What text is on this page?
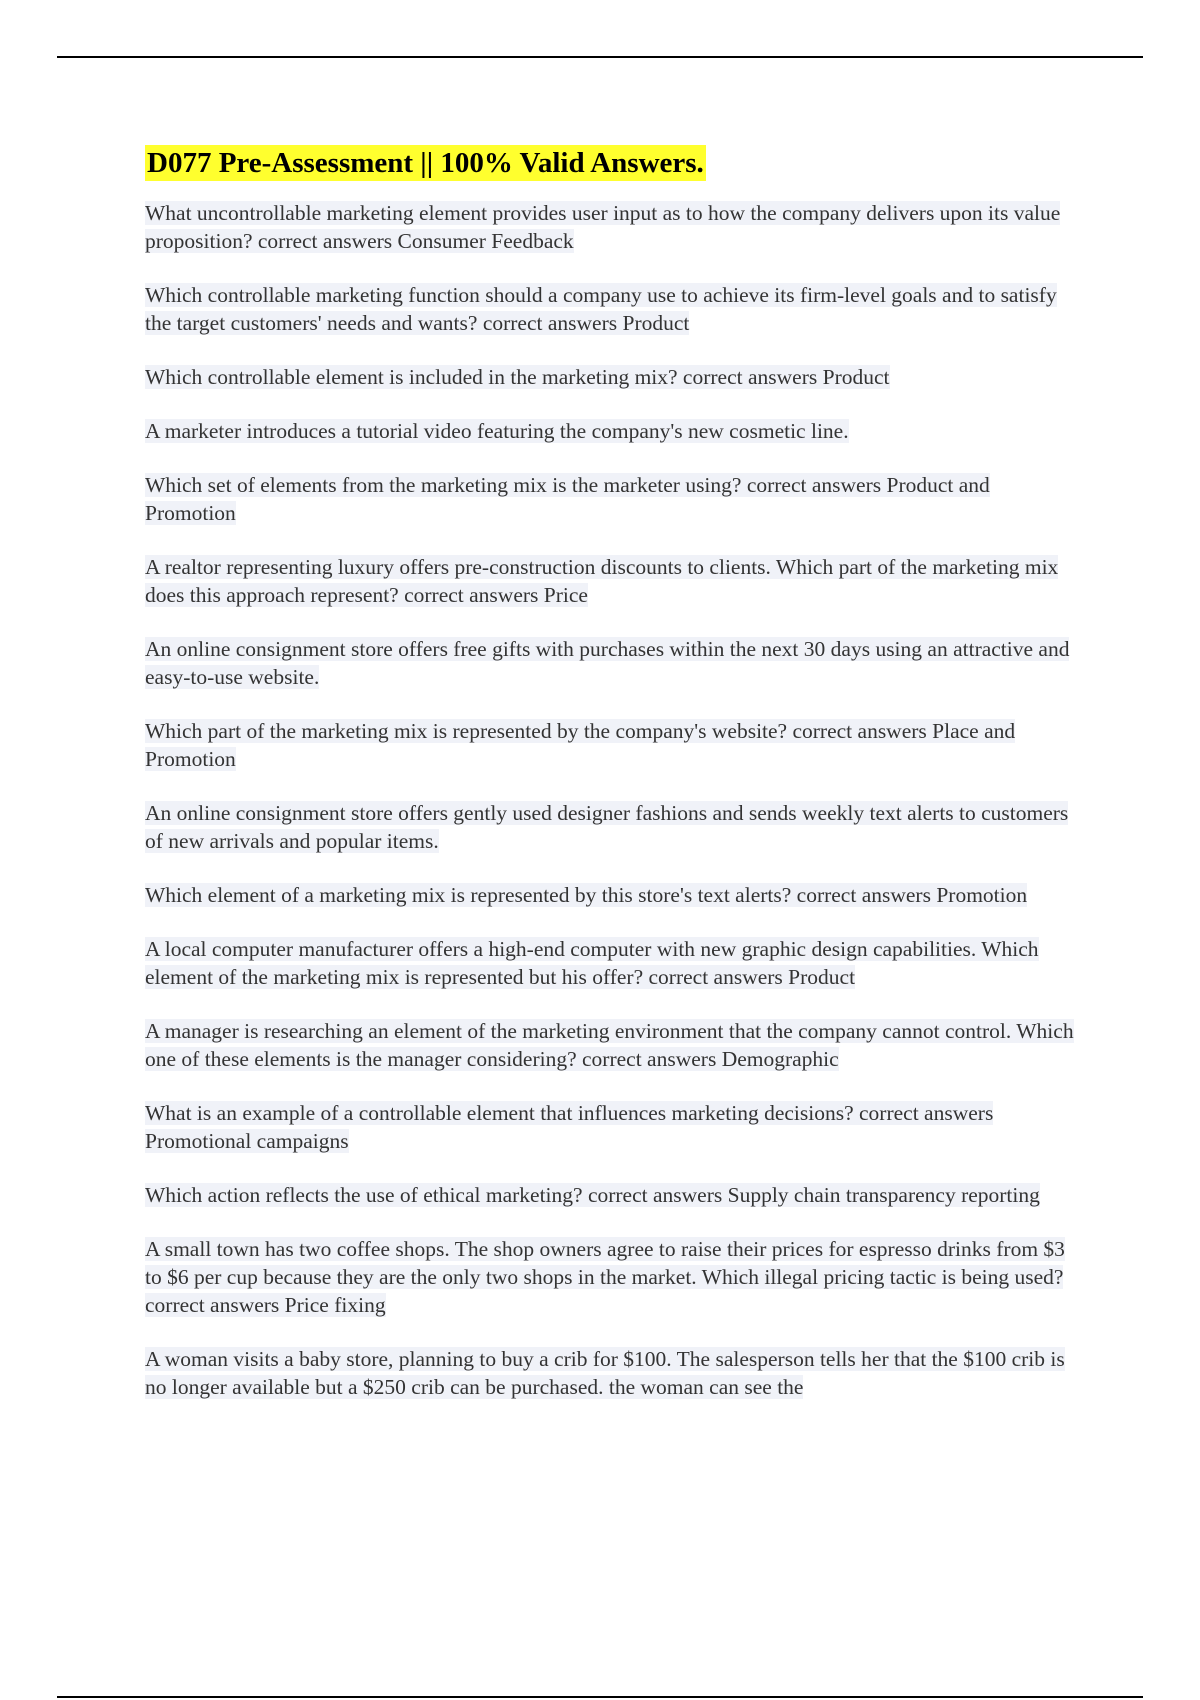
D077 Pre-Assessment || 100% Valid Answers.

What uncontrollable marketing element provides user input as to how the company delivers upon its value proposition? correct answers Consumer Feedback

Which controllable marketing function should a company use to achieve its firm-level goals and to satisfy the target customers' needs and wants? correct answers Product

Which controllable element is included in the marketing mix? correct answers Product

A marketer introduces a tutorial video featuring the company's new cosmetic line.

Which set of elements from the marketing mix is the marketer using? correct answers Product and Promotion

A realtor representing luxury offers pre-construction discounts to clients. Which part of the marketing mix does this approach represent? correct answers Price

An online consignment store offers free gifts with purchases within the next 30 days using an attractive and easy-to-use website.

Which part of the marketing mix is represented by the company's website? correct answers Place and Promotion

An online consignment store offers gently used designer fashions and sends weekly text alerts to customers of new arrivals and popular items.

Which element of a marketing mix is represented by this store's text alerts? correct answers Promotion

A local computer manufacturer offers a high-end computer with new graphic design capabilities. Which element of the marketing mix is represented but his offer? correct answers Product

A manager is researching an element of the marketing environment that the company cannot control. Which one of these elements is the manager considering? correct answers Demographic

What is an example of a controllable element that influences marketing decisions? correct answers Promotional campaigns

Which action reflects the use of ethical marketing? correct answers Supply chain transparency reporting

A small town has two coffee shops. The shop owners agree to raise their prices for espresso drinks from $3 to $6 per cup because they are the only two shops in the market. Which illegal pricing tactic is being used? correct answers Price fixing

A woman visits a baby store, planning to buy a crib for $100. The salesperson tells her that the $100 crib is no longer available but a $250 crib can be purchased. the woman can see the
